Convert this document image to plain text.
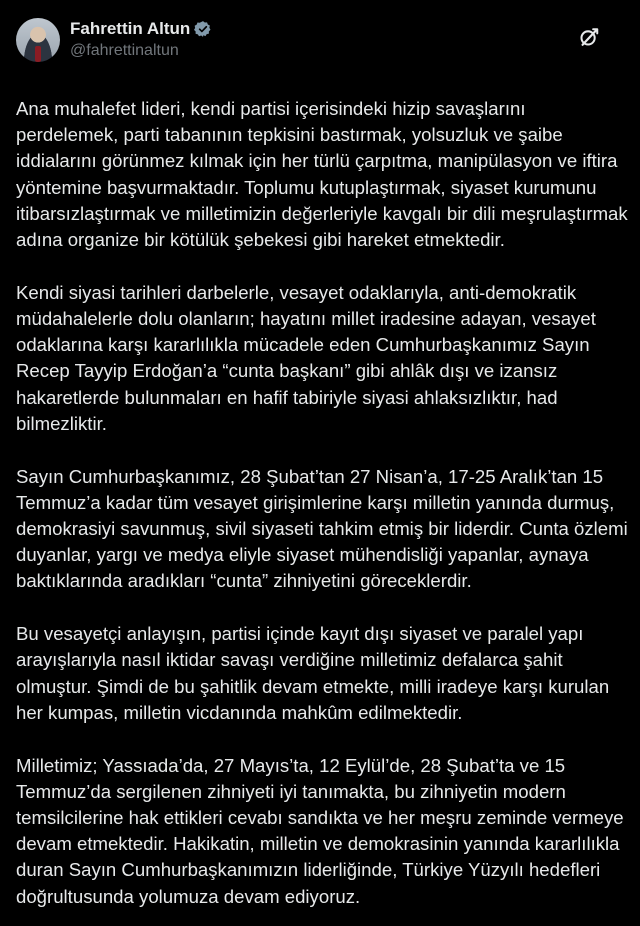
Fahrettin Altun
@fahrettinaltun

Ana muhalefet lideri, kendi partisi içerisindeki hizip savaşlarını perdelemek, parti tabanının tepkisini bastırmak, yolsuzluk ve şaibe iddialarını görünmez kılmak için her türlü çarpıtma, manipülasyon ve iftira yöntemine başvurmaktadır. Toplumu kutuplaştırmak, siyaset kurumunu itibarsızlaştırmak ve milletimizin değerleriyle kavgalı bir dili meşrulaştırmak adına organize bir kötülük şebekesi gibi hareket etmektedir.

Kendi siyasi tarihleri darbelerle, vesayet odaklarıyla, anti-demokratik müdahalelerle dolu olanların; hayatını millet iradesine adayan, vesayet odaklarına karşı kararlılıkla mücadele eden Cumhurbaşkanımız Sayın Recep Tayyip Erdoğan’a “cunta başkanı” gibi ahlâk dışı ve izansız hakaretlerde bulunmaları en hafif tabiriyle siyasi ahlaksızlıktır, had bilmezliktir.

Sayın Cumhurbaşkanımız, 28 Şubat’tan 27 Nisan’a, 17-25 Aralık’tan 15 Temmuz’a kadar tüm vesayet girişimlerine karşı milletin yanında durmuş, demokrasiyi savunmuş, sivil siyaseti tahkim etmiş bir liderdir. Cunta özlemi duyanlar, yargı ve medya eliyle siyaset mühendisliği yapanlar, aynaya baktıklarında aradıkları “cunta” zihniyetini göreceklerdir.

Bu vesayetçi anlayışın, partisi içinde kayıt dışı siyaset ve paralel yapı arayışlarıyla nasıl iktidar savaşı verdiğine milletimiz defalarca şahit olmuştur. Şimdi de bu şahitlik devam etmekte, milli iradeye karşı kurulan her kumpas, milletin vicdanında mahkûm edilmektedir.

Milletimiz; Yassıada’da, 27 Mayıs’ta, 12 Eylül’de, 28 Şubat’ta ve 15 Temmuz’da sergilenen zihniyeti iyi tanımakta, bu zihniyetin modern temsilcilerine hak ettikleri cevabı sandıkta ve her meşru zeminde vermeye devam etmektedir. Hakikatin, milletin ve demokrasinin yanında kararlılıkla duran Sayın Cumhurbaşkanımızın liderliğinde, Türkiye Yüzyılı hedefleri doğrultusunda yolumuza devam ediyoruz.
